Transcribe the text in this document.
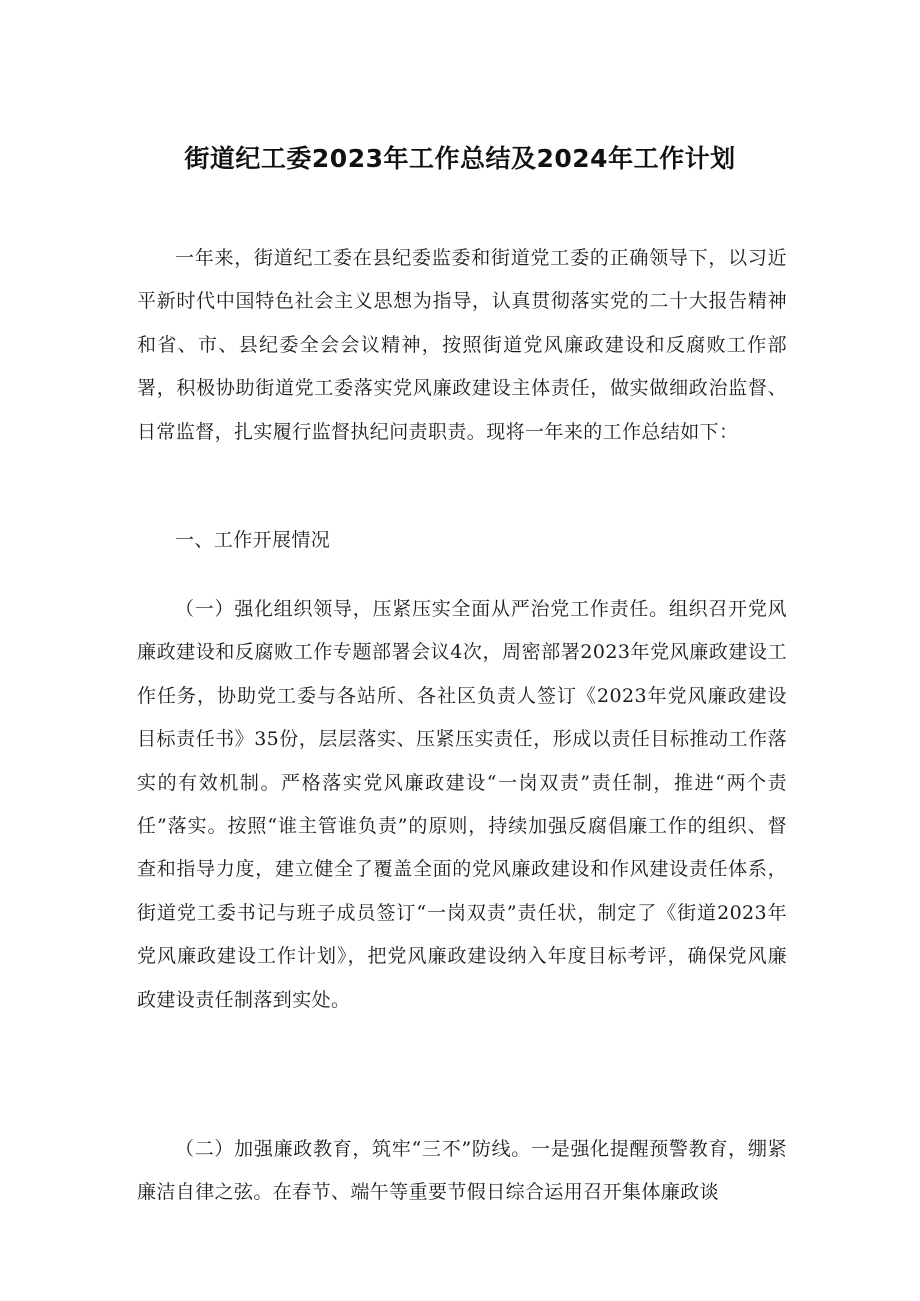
街道纪工委2023年工作总结及2024年工作计划

一年来，街道纪工委在县纪委监委和街道党工委的正确领导下，以习近平新时代中国特色社会主义思想为指导，认真贯彻落实党的二十大报告精神和省、市、县纪委全会会议精神，按照街道党风廉政建设和反腐败工作部署，积极协助街道党工委落实党风廉政建设主体责任，做实做细政治监督、日常监督，扎实履行监督执纪问责职责。现将一年来的工作总结如下：

一、工作开展情况

（一）强化组织领导，压紧压实全面从严治党工作责任。组织召开党风廉政建设和反腐败工作专题部署会议4次，周密部署2023年党风廉政建设工作任务，协助党工委与各站所、各社区负责人签订《2023年党风廉政建设目标责任书》35份，层层落实、压紧压实责任，形成以责任目标推动工作落实的有效机制。严格落实党风廉政建设“一岗双责”责任制，推进“两个责任”落实。按照“谁主管谁负责”的原则，持续加强反腐倡廉工作的组织、督查和指导力度，建立健全了覆盖全面的党风廉政建设和作风建设责任体系，街道党工委书记与班子成员签订“一岗双责”责任状，制定了《街道2023年党风廉政建设工作计划》，把党风廉政建设纳入年度目标考评，确保党风廉政建设责任制落到实处。

（二）加强廉政教育，筑牢“三不”防线。一是强化提醒预警教育，绷紧廉洁自律之弦。在春节、端午等重要节假日综合运用召开集体廉政谈
